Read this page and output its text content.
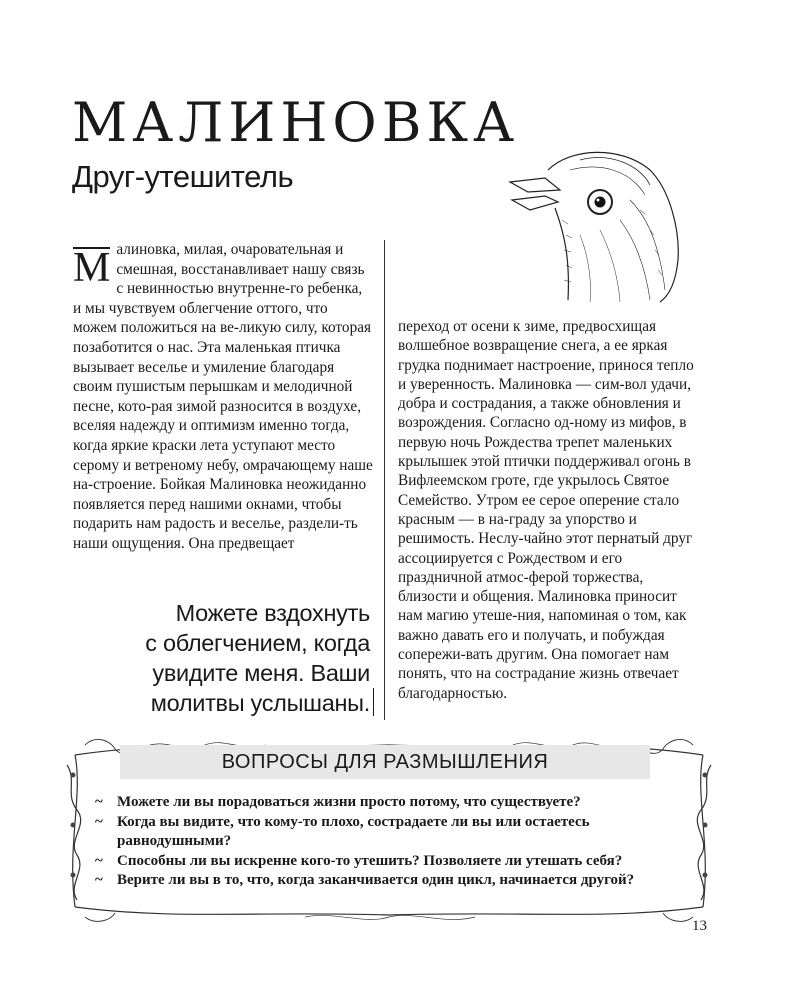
МАЛИНОВКА
Друг-утешитель

М алиновка, милая, очаровательная и смешная, восстанавливает нашу связь с невинностью внутренне-го ребенка, и мы чувствуем облегчение оттого, что можем положиться на ве-ликую силу, которая позаботится о нас. Эта маленькая птичка вызывает веселье и умиление благодаря своим пушистым перышкам и мелодичной песне, кото-рая зимой разносится в воздухе, вселяя надежду и оптимизм именно тогда, когда яркие краски лета уступают место серому и ветреному небу, омрачающему наше на-строение. Бойкая Малиновка неожиданно появляется перед нашими окнами, чтобы подарить нам радость и веселье, раздели-ть наши ощущения. Она предвещает

переход от осени к зиме, предвосхищая волшебное возвращение снега, а ее яркая грудка поднимает настроение, принося тепло и уверенность. Малиновка — сим-вол удачи, добра и сострадания, а также обновления и возрождения. Согласно од-ному из мифов, в первую ночь Рождества трепет маленьких крылышек этой птички поддерживал огонь в Вифлеемском гроте, где укрылось Святое Семейство. Утром ее серое оперение стало красным — в на-граду за упорство и решимость. Неслу-чайно этот пернатый друг ассоциируется с Рождеством и его праздничной атмос-ферой торжества, близости и общения. Малиновка приносит нам магию утеше-ния, напоминая о том, как важно давать его и получать, и побуждая сопережи-вать другим. Она помогает нам понять, что на сострадание жизнь отвечает благодарностью.

Можете вздохнуть
с облегчением, когда
увидите меня. Ваши
молитвы услышаны.
ВОПРОСЫ ДЛЯ РАЗМЫШЛЕНИЯ
~ Можете ли вы порадоваться жизни просто потому, что существуете?
~ Когда вы видите, что кому-то плохо, сострадаете ли вы или остаетесь равнодушными?
~ Способны ли вы искренне кого-то утешить? Позволяете ли утешать себя?
~ Верите ли вы в то, что, когда заканчивается один цикл, начинается другой?
13
